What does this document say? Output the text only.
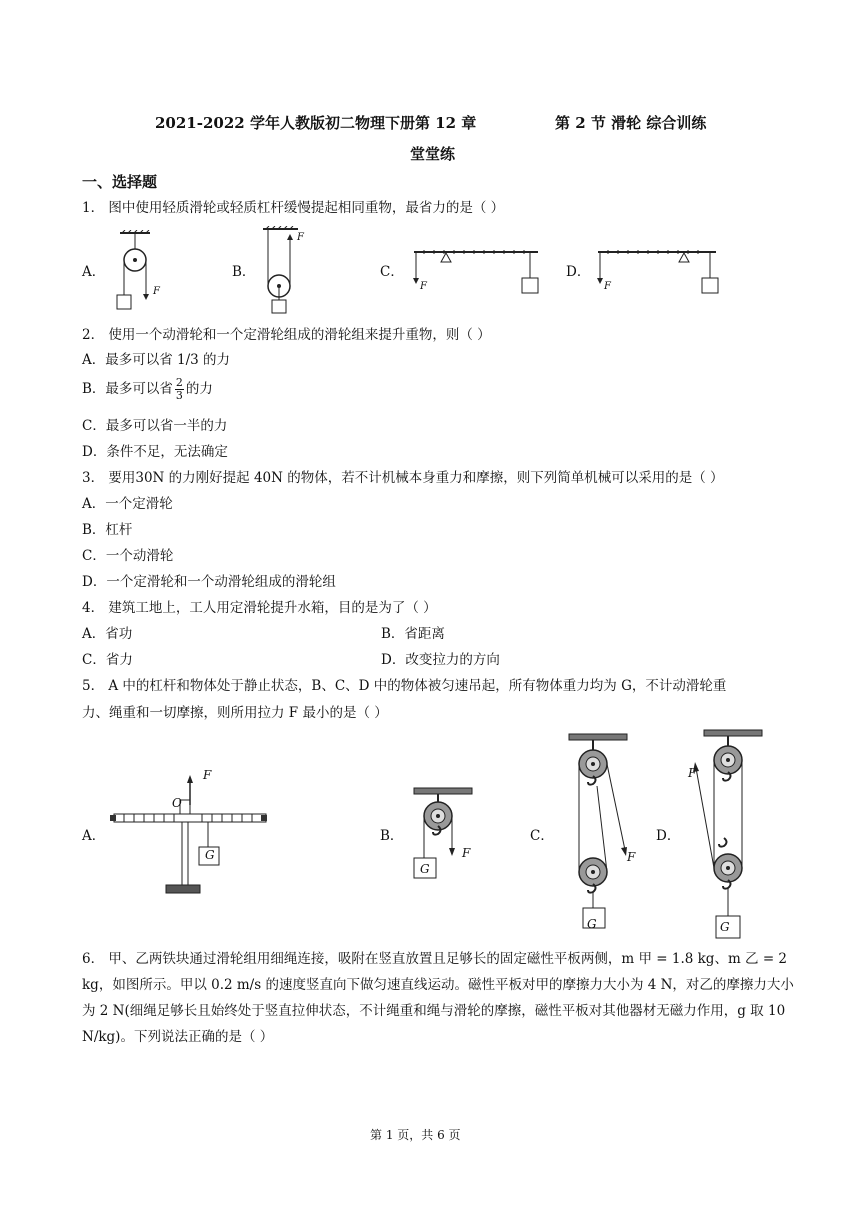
2021-2022 学年人教版初二物理下册第 12 章	第 2 节 滑轮 综合训练
堂堂练
一、选择题
1． 图中使用轻质滑轮或轻质杠杆缓慢提起相同重物，最省力的是（ ）
A．	B．	C．	D．
F
F
F	F
2． 使用一个动滑轮和一个定滑轮组成的滑轮组来提升重物，则（ ）
A．最多可以省 1/3 的力
B．最多可以省 $\frac{2}{3}$ 的力
C．最多可以省一半的力
D．条件不足，无法确定
3． 要用30N 的力刚好提起 40N 的物体，若不计机械本身重力和摩擦，则下列简单机械可以采用的是（ ）
A．一个定滑轮
B．杠杆
C．一个动滑轮
D．一个定滑轮和一个动滑轮组成的滑轮组
4． 建筑工地上，工人用定滑轮提升水箱，目的是为了（ ）
A．省功	B．省距离
C．省力	D．改变拉力的方向
5． A 中的杠杆和物体处于静止状态，B、C、D 中的物体被匀速吊起，所有物体重力均为 G，不计动滑轮重
力、绳重和一切摩擦，则所用拉力 F 最小的是（ ）
A．	B．	C．	D．
F
O
G	F
G
F
G
F
G
6． 甲、乙两铁块通过滑轮组用细绳连接，吸附在竖直放置且足够长的固定磁性平板两侧，m 甲 = 1.8 kg、m 乙 = 2 kg，如图所示。甲以 0.2 m/s 的速度竖直向下做匀速直线运动。磁性平板对甲的摩擦力大小为 4 N，对乙的摩擦力大小为 2 N(细绳足够长且始终处于竖直拉伸状态，不计绳重和绳与滑轮的摩擦，磁性平板对其他器材无磁力作用，g 取 10 N/kg)。下列说法正确的是（ ）
第 1 页，共 6 页
